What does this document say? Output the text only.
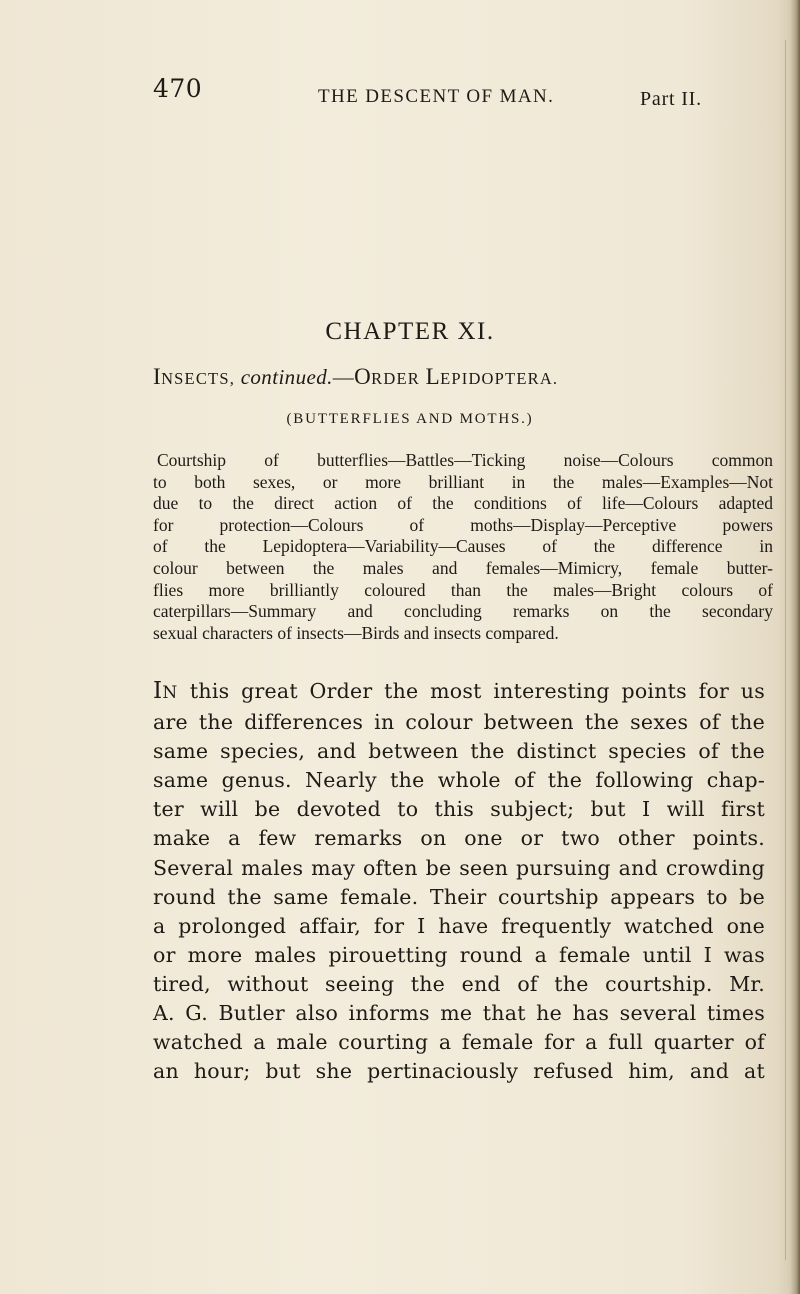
470	THE DESCENT OF MAN.	Part II.
CHAPTER XI.
INSECTS, continued.—ORDER LEPIDOPTERA.
(BUTTERFLIES AND MOTHS.)
Courtship of butterflies—Battles—Ticking noise—Colours common
to both sexes, or more brilliant in the males—Examples—Not
due to the direct action of the conditions of life—Colours adapted
for protection—Colours of moths—Display—Perceptive powers
of the Lepidoptera—Variability—Causes of the difference in
colour between the males and females—Mimicry, female butter-
flies more brilliantly coloured than the males—Bright colours of
caterpillars—Summary and concluding remarks on the secondary
sexual characters of insects—Birds and insects compared.
IN this great Order the most interesting points for us
are the differences in colour between the sexes of the
same species, and between the distinct species of the
same genus. Nearly the whole of the following chap-
ter will be devoted to this subject; but I will first
make a few remarks on one or two other points.
Several males may often be seen pursuing and crowding
round the same female. Their courtship appears to be
a prolonged affair, for I have frequently watched one
or more males pirouetting round a female until I was
tired, without seeing the end of the courtship. Mr.
A. G. Butler also informs me that he has several times
watched a male courting a female for a full quarter of
an hour; but she pertinaciously refused him, and at
